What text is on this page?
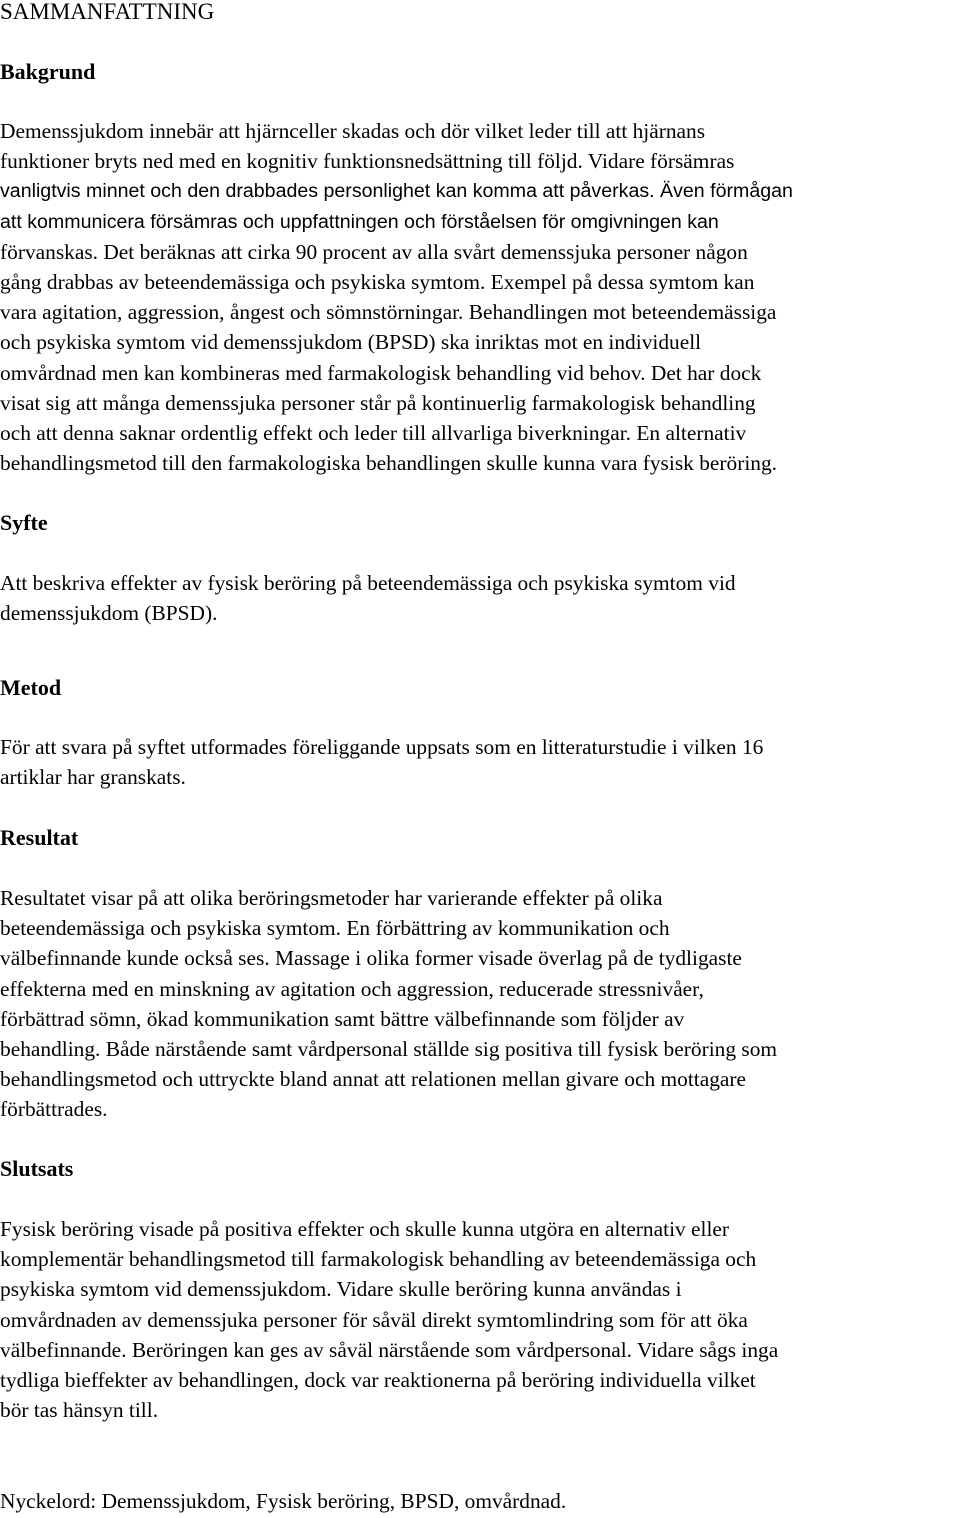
SAMMANFATTNING
Bakgrund
Demenssjukdom innebär att hjärnceller skadas och dör vilket leder till att hjärnans
funktioner bryts ned med en kognitiv funktionsnedsättning till följd. Vidare försämras
vanligtvis minnet och den drabbades personlighet kan komma att påverkas. Även förmågan
att kommunicera försämras och uppfattningen och förståelsen för omgivningen kan
förvanskas. Det beräknas att cirka 90 procent av alla svårt demenssjuka personer någon
gång drabbas av beteendemässiga och psykiska symtom. Exempel på dessa symtom kan
vara agitation, aggression, ångest och sömnstörningar. Behandlingen mot beteendemässiga
och psykiska symtom vid demenssjukdom (BPSD) ska inriktas mot en individuell
omvårdnad men kan kombineras med farmakologisk behandling vid behov. Det har dock
visat sig att många demenssjuka personer står på kontinuerlig farmakologisk behandling
och att denna saknar ordentlig effekt och leder till allvarliga biverkningar. En alternativ
behandlingsmetod till den farmakologiska behandlingen skulle kunna vara fysisk beröring.
Syfte
Att beskriva effekter av fysisk beröring på beteendemässiga och psykiska symtom vid
demenssjukdom (BPSD).
Metod
För att svara på syftet utformades föreliggande uppsats som en litteraturstudie i vilken 16
artiklar har granskats.
Resultat
Resultatet visar på att olika beröringsmetoder har varierande effekter på olika
beteendemässiga och psykiska symtom. En förbättring av kommunikation och
välbefinnande kunde också ses. Massage i olika former visade överlag på de tydligaste
effekterna med en minskning av agitation och aggression, reducerade stressnivåer,
förbättrad sömn, ökad kommunikation samt bättre välbefinnande som följder av
behandling. Både närstående samt vårdpersonal ställde sig positiva till fysisk beröring som
behandlingsmetod och uttryckte bland annat att relationen mellan givare och mottagare
förbättrades.
Slutsats
Fysisk beröring visade på positiva effekter och skulle kunna utgöra en alternativ eller
komplementär behandlingsmetod till farmakologisk behandling av beteendemässiga och
psykiska symtom vid demenssjukdom. Vidare skulle beröring kunna användas i
omvårdnaden av demenssjuka personer för såväl direkt symtomlindring som för att öka
välbefinnande. Beröringen kan ges av såväl närstående som vårdpersonal. Vidare sågs inga
tydliga bieffekter av behandlingen, dock var reaktionerna på beröring individuella vilket
bör tas hänsyn till.

Nyckelord: Demenssjukdom, Fysisk beröring, BPSD, omvårdnad.
